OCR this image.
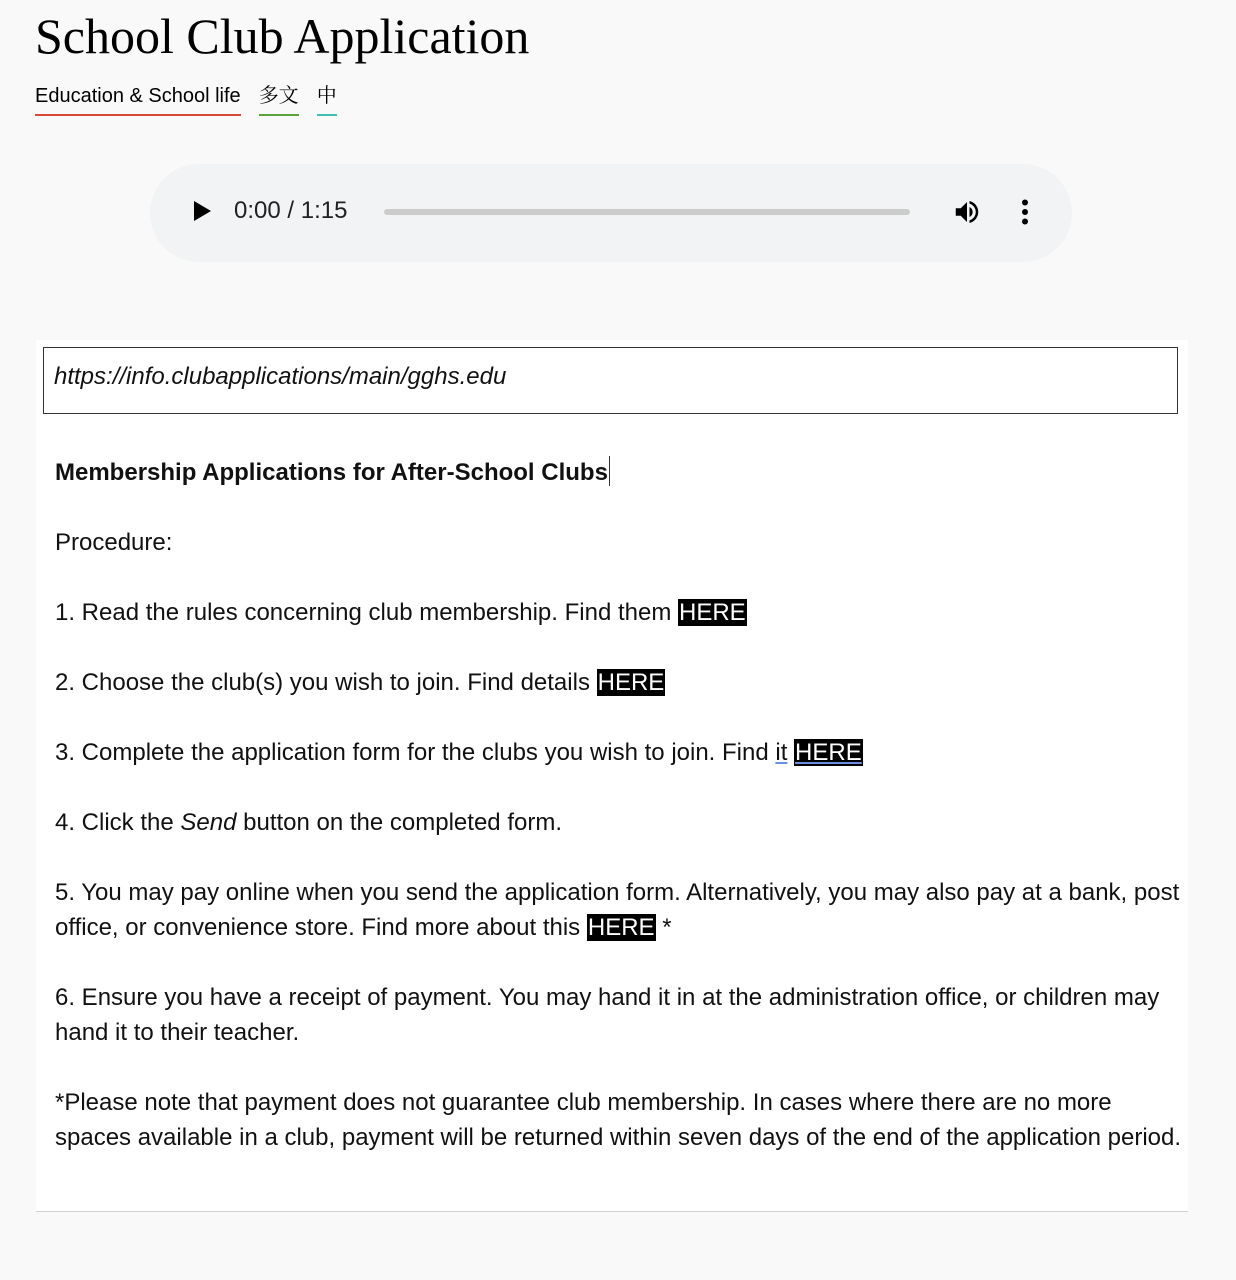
School Club Application
Education & School life 多文 中
0:00 / 1:15
https://info.clubapplications/main/gghs.edu

Membership Applications for After-School Clubs

Procedure:

1. Read the rules concerning club membership. Find them HERE

2. Choose the club(s) you wish to join. Find details HERE

3. Complete the application form for the clubs you wish to join. Find it HERE

4. Click the Send button on the completed form.

5. You may pay online when you send the application form. Alternatively, you may also pay at a bank, post office, or convenience store. Find more about this HERE *

6. Ensure you have a receipt of payment. You may hand it in at the administration office, or children may hand it to their teacher.

*Please note that payment does not guarantee club membership. In cases where there are no more spaces available in a club, payment will be returned within seven days of the end of the application period.
